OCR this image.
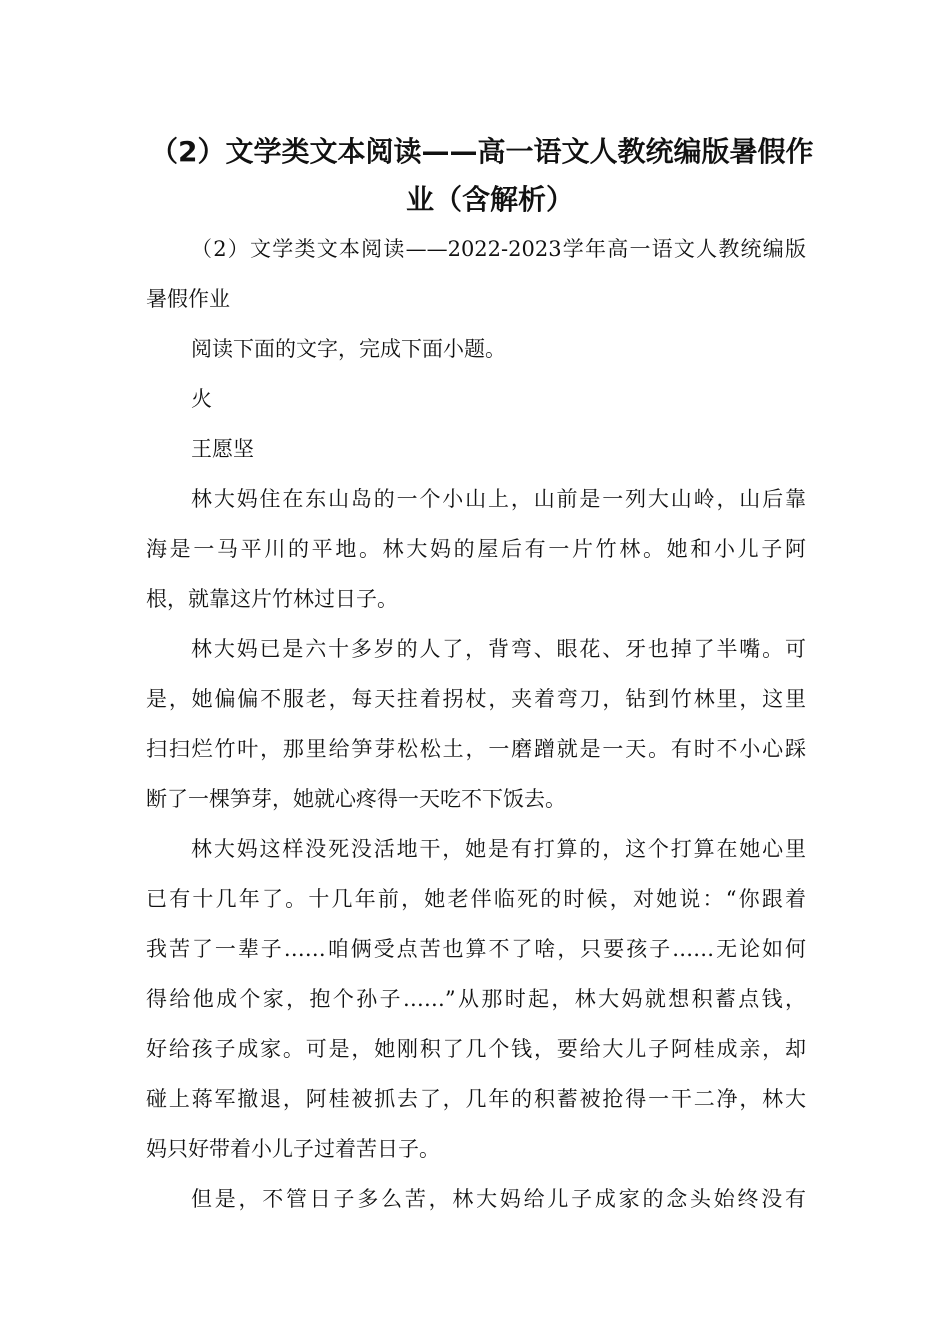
（2）文学类文本阅读——高一语文人教统编版暑假作
业（含解析）
（2）文学类文本阅读——2022-2023学年高一语文人教统编版
暑假作业
阅读下面的文字，完成下面小题。
火
王愿坚
林大妈住在东山岛的一个小山上，山前是一列大山岭，山后靠
海是一马平川的平地。林大妈的屋后有一片竹林。她和小儿子阿
根，就靠这片竹林过日子。
林大妈已是六十多岁的人了，背弯、眼花、牙也掉了半嘴。可
是，她偏偏不服老，每天拄着拐杖，夹着弯刀，钻到竹林里，这里
扫扫烂竹叶，那里给笋芽松松土，一磨蹭就是一天。有时不小心踩
断了一棵笋芽，她就心疼得一天吃不下饭去。
林大妈这样没死没活地干，她是有打算的，这个打算在她心里
已有十几年了。十几年前，她老伴临死的时候，对她说：“你跟着
我苦了一辈子……咱俩受点苦也算不了啥，只要孩子……无论如何
得给他成个家，抱个孙子……”从那时起，林大妈就想积蓄点钱，
好给孩子成家。可是，她刚积了几个钱，要给大儿子阿桂成亲，却
碰上蒋军撤退，阿桂被抓去了，几年的积蓄被抢得一干二净，林大
妈只好带着小儿子过着苦日子。
但是，不管日子多么苦，林大妈给儿子成家的念头始终没有
